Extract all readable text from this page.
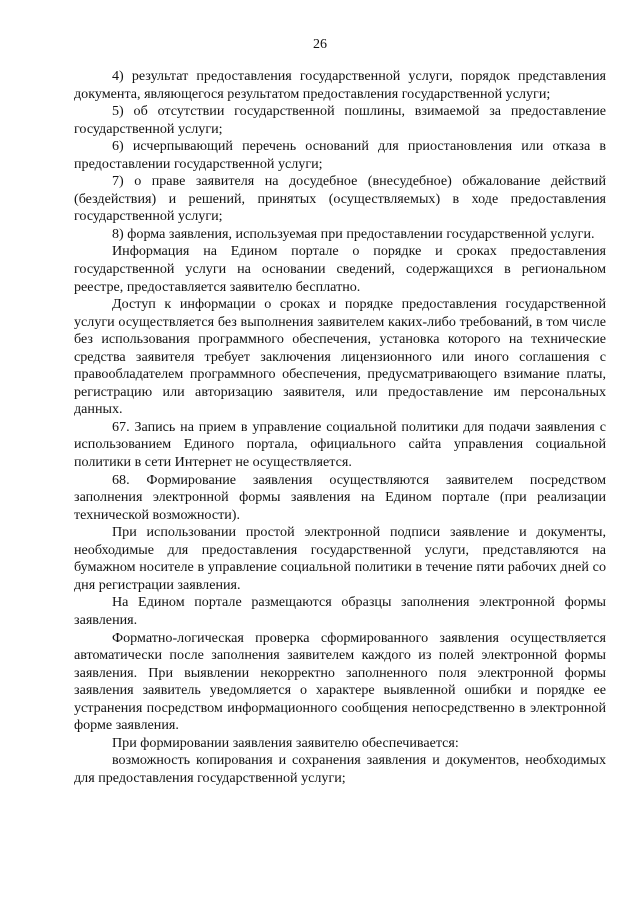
26

4) результат предоставления государственной услуги, порядок представления документа, являющегося результатом предоставления государственной услуги;

5) об отсутствии государственной пошлины, взимаемой за предоставление государственной услуги;

6) исчерпывающий перечень оснований для приостановления или отказа в предоставлении государственной услуги;

7) о праве заявителя на досудебное (внесудебное) обжалование действий (бездействия) и решений, принятых (осуществляемых) в ходе предоставления государственной услуги;

8) форма заявления, используемая при предоставлении государственной услуги.

Информация на Едином портале о порядке и сроках предоставления государственной услуги на основании сведений, содержащихся в региональном реестре, предоставляется заявителю бесплатно.

Доступ к информации о сроках и порядке предоставления государственной услуги осуществляется без выполнения заявителем каких-либо требований, в том числе без использования программного обеспечения, установка которого на технические средства заявителя требует заключения лицензионного или иного соглашения с правообладателем программного обеспечения, предусматривающего взимание платы, регистрацию или авторизацию заявителя, или предоставление им персональных данных.

67. Запись на прием в управление социальной политики для подачи заявления с использованием Единого портала, официального сайта управления социальной политики в сети Интернет не осуществляется.

68. Формирование заявления осуществляются заявителем посредством заполнения электронной формы заявления на Едином портале (при реализации технической возможности).

При использовании простой электронной подписи заявление и документы, необходимые для предоставления государственной услуги, представляются на бумажном носителе в управление социальной политики в течение пяти рабочих дней со дня регистрации заявления.

На Едином портале размещаются образцы заполнения электронной формы заявления.

Форматно-логическая проверка сформированного заявления осуществляется автоматически после заполнения заявителем каждого из полей электронной формы заявления. При выявлении некорректно заполненного поля электронной формы заявления заявитель уведомляется о характере выявленной ошибки и порядке ее устранения посредством информационного сообщения непосредственно в электронной форме заявления.

При формировании заявления заявителю обеспечивается:

возможность копирования и сохранения заявления и документов, необходимых для предоставления государственной услуги;
